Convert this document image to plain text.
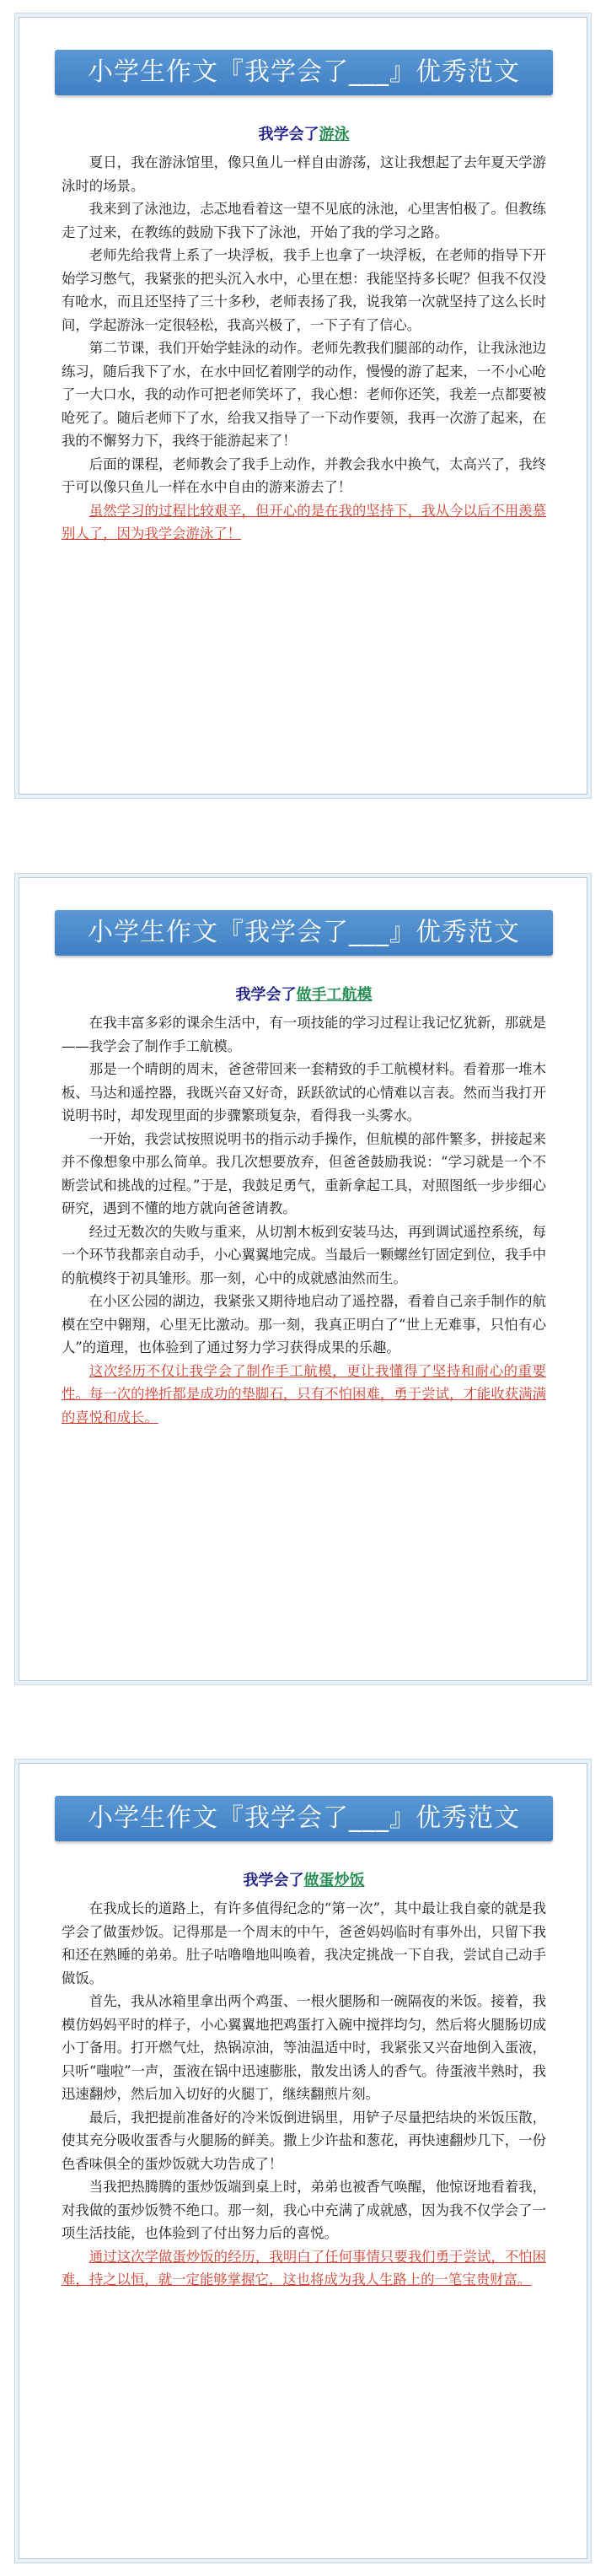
小学生作文『我学会了___』优秀范文
我学会了游泳

夏日，我在游泳馆里，像只鱼儿一样自由游荡，这让我想起了去年夏天学游泳时的场景。

我来到了泳池边，忐忑地看着这一望不见底的泳池，心里害怕极了。但教练走了过来，在教练的鼓励下我下了泳池，开始了我的学习之路。

老师先给我背上系了一块浮板，我手上也拿了一块浮板，在老师的指导下开始学习憋气，我紧张的把头沉入水中，心里在想：我能坚持多长呢？但我不仅没有呛水，而且还坚持了三十多秒，老师表扬了我，说我第一次就坚持了这么长时间，学起游泳一定很轻松，我高兴极了，一下子有了信心。

第二节课，我们开始学蛙泳的动作。老师先教我们腿部的动作，让我泳池边练习，随后我下了水，在水中回忆着刚学的动作，慢慢的游了起来，一不小心呛了一大口水，我的动作可把老师笑坏了，我心想：老师你还笑，我差一点都要被呛死了。随后老师下了水，给我又指导了一下动作要领，我再一次游了起来，在我的不懈努力下，我终于能游起来了！

后面的课程，老师教会了我手上动作，并教会我水中换气，太高兴了，我终于可以像只鱼儿一样在水中自由的游来游去了！

虽然学习的过程比较艰辛，但开心的是在我的坚持下，我从今以后不用羡慕别人了，因为我学会游泳了！

小学生作文『我学会了___』优秀范文
我学会了做手工航模

在我丰富多彩的课余生活中，有一项技能的学习过程让我记忆犹新，那就是——我学会了制作手工航模。

那是一个晴朗的周末，爸爸带回来一套精致的手工航模材料。看着那一堆木板、马达和遥控器，我既兴奋又好奇，跃跃欲试的心情难以言表。然而当我打开说明书时，却发现里面的步骤繁琐复杂，看得我一头雾水。

一开始，我尝试按照说明书的指示动手操作，但航模的部件繁多，拼接起来并不像想象中那么简单。我几次想要放弃，但爸爸鼓励我说：“学习就是一个不断尝试和挑战的过程。”于是，我鼓足勇气，重新拿起工具，对照图纸一步步细心研究，遇到不懂的地方就向爸爸请教。

经过无数次的失败与重来，从切割木板到安装马达，再到调试遥控系统，每一个环节我都亲自动手，小心翼翼地完成。当最后一颗螺丝钉固定到位，我手中的航模终于初具雏形。那一刻，心中的成就感油然而生。

在小区公园的湖边，我紧张又期待地启动了遥控器，看着自己亲手制作的航模在空中翱翔，心里无比激动。那一刻，我真正明白了“世上无难事，只怕有心人”的道理，也体验到了通过努力学习获得成果的乐趣。

这次经历不仅让我学会了制作手工航模，更让我懂得了坚持和耐心的重要性。每一次的挫折都是成功的垫脚石，只有不怕困难，勇于尝试，才能收获满满的喜悦和成长。

小学生作文『我学会了___』优秀范文
我学会了做蛋炒饭

在我成长的道路上，有许多值得纪念的“第一次”，其中最让我自豪的就是我学会了做蛋炒饭。记得那是一个周末的中午，爸爸妈妈临时有事外出，只留下我和还在熟睡的弟弟。肚子咕噜噜地叫唤着，我决定挑战一下自我，尝试自己动手做饭。

首先，我从冰箱里拿出两个鸡蛋、一根火腿肠和一碗隔夜的米饭。接着，我模仿妈妈平时的样子，小心翼翼地把鸡蛋打入碗中搅拌均匀，然后将火腿肠切成小丁备用。打开燃气灶，热锅凉油，等油温适中时，我紧张又兴奋地倒入蛋液，只听“嗤啦”一声，蛋液在锅中迅速膨胀，散发出诱人的香气。待蛋液半熟时，我迅速翻炒，然后加入切好的火腿丁，继续翻煎片刻。

最后，我把提前准备好的冷米饭倒进锅里，用铲子尽量把结块的米饭压散，使其充分吸收蛋香与火腿肠的鲜美。撒上少许盐和葱花，再快速翻炒几下，一份色香味俱全的蛋炒饭就大功告成了！

当我把热腾腾的蛋炒饭端到桌上时，弟弟也被香气唤醒，他惊讶地看着我，对我做的蛋炒饭赞不绝口。那一刻，我心中充满了成就感，因为我不仅学会了一项生活技能，也体验到了付出努力后的喜悦。

通过这次学做蛋炒饭的经历，我明白了任何事情只要我们勇于尝试，不怕困难，持之以恒，就一定能够掌握它，这也将成为我人生路上的一笔宝贵财富。
